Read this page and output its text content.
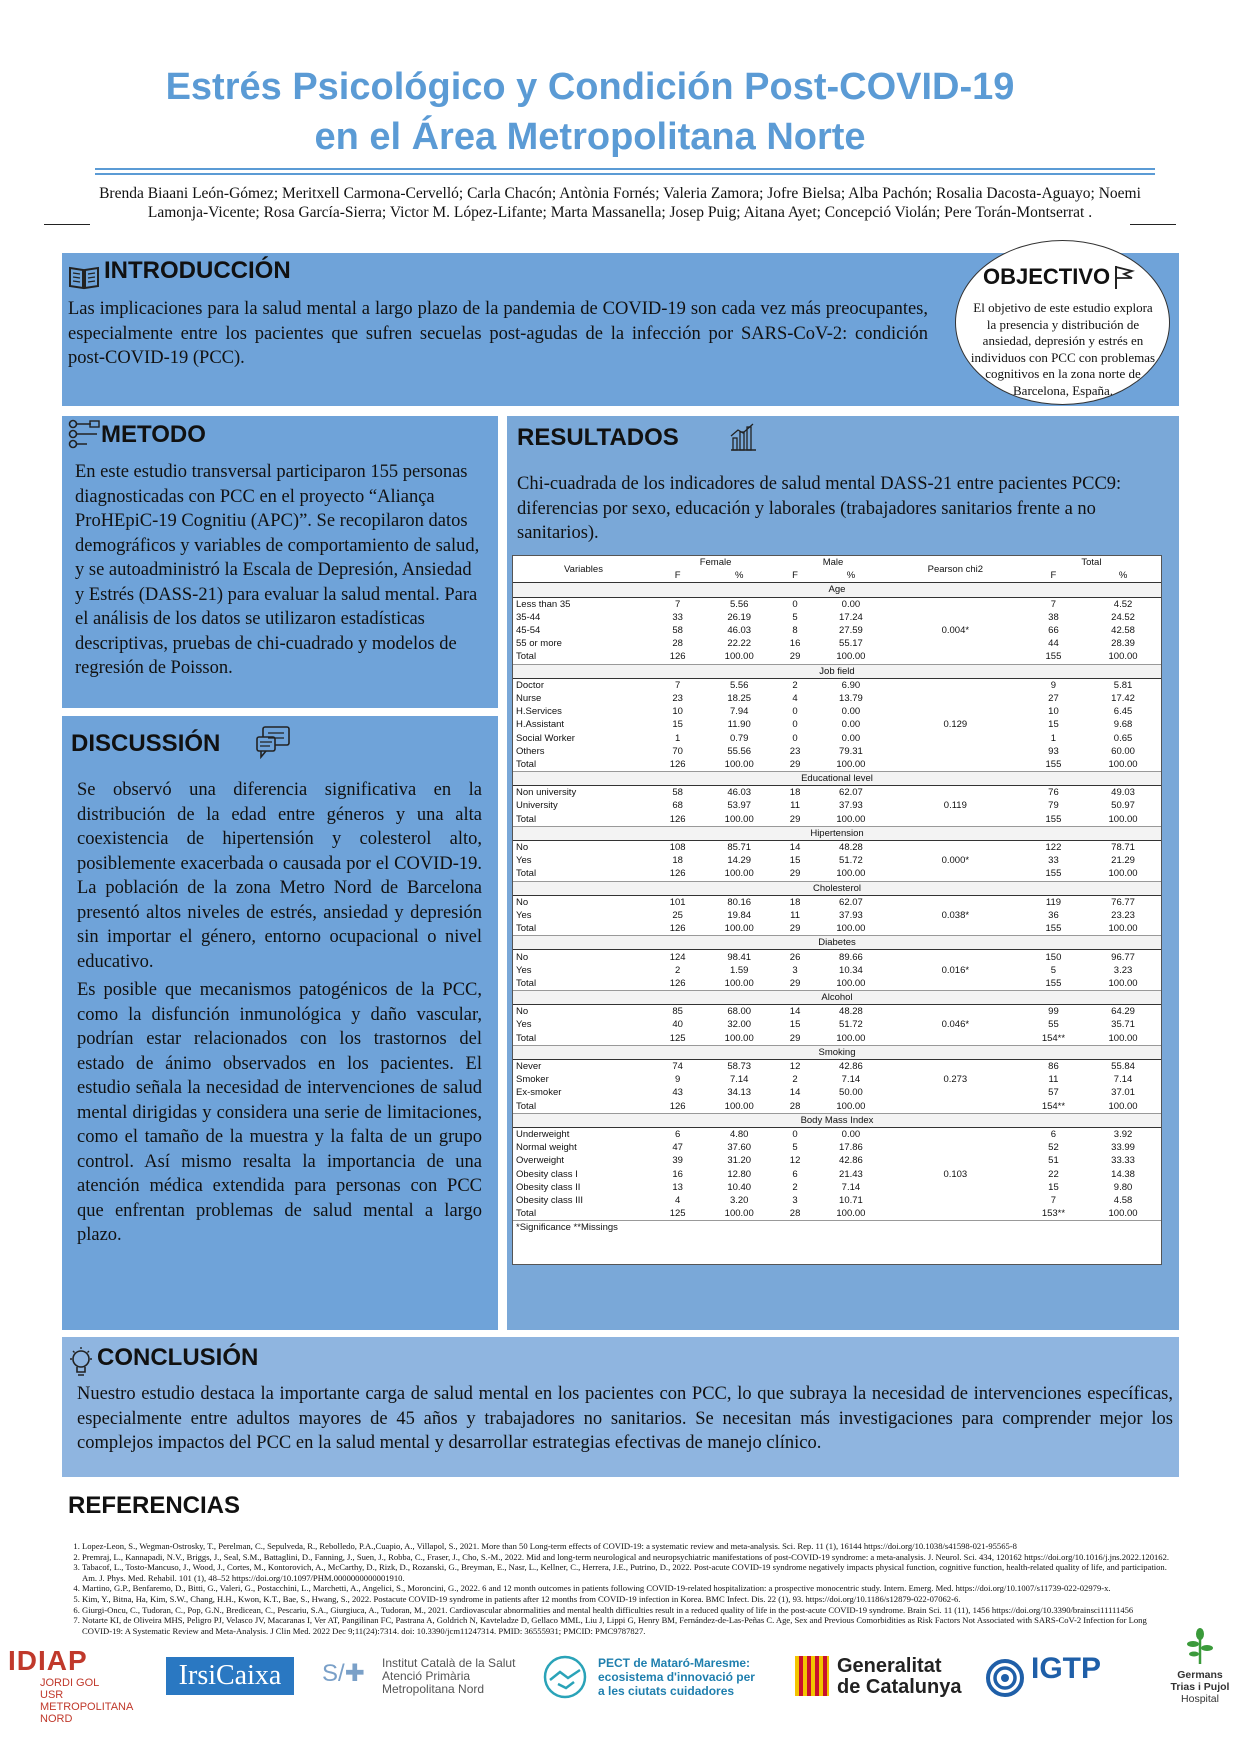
Estrés Psicológico y Condición Post-COVID-19
en el Área Metropolitana Norte
Brenda Biaani León-Gómez; Meritxell Carmona-Cervelló; Carla Chacón; Antònia Fornés; Valeria Zamora; Jofre Bielsa; Alba Pachón; Rosalia Dacosta-Aguayo; Noemi Lamonja-Vicente; Rosa García-Sierra; Victor M. López-Lifante; Marta Massanella; Josep Puig; Aitana Ayet; Concepció Violán; Pere Torán-Montserrat .
INTRODUCCIÓN
Las implicaciones para la salud mental a largo plazo de la pandemia de COVID-19 son cada vez más preocupantes, especialmente entre los pacientes que sufren secuelas post-agudas de la infección por SARS-CoV-2: condición post-COVID-19 (PCC).
OBJECTIVO
El objetivo de este estudio explora la presencia y distribución de ansiedad, depresión y estrés en individuos con PCC con problemas cognitivos en la zona norte de Barcelona, España.
METODO
En este estudio transversal participaron 155 personas diagnosticadas con PCC en el proyecto “Aliança ProHEpiC-19 Cognitiu (APC)”. Se recopilaron datos demográficos y variables de comportamiento de salud, y se autoadministró la Escala de Depresión, Ansiedad y Estrés (DASS-21) para evaluar la salud mental. Para el análisis de los datos se utilizaron estadísticas descriptivas, pruebas de chi-cuadrado y modelos de regresión de Poisson.
DISCUSSIÓN
Se observó una diferencia significativa en la distribución de la edad entre géneros y una alta coexistencia de hipertensión y colesterol alto, posiblemente exacerbada o causada por el COVID-19. La población de la zona Metro Nord de Barcelona presentó altos niveles de estrés, ansiedad y depresión sin importar el género, entorno ocupacional o nivel educativo.
Es posible que mecanismos patogénicos de la PCC, como la disfunción inmunológica y daño vascular, podrían estar relacionados con los trastornos del estado de ánimo observados en los pacientes. El estudio señala la necesidad de intervenciones de salud mental dirigidas y considera una serie de limitaciones, como el tamaño de la muestra y la falta de un grupo control. Así mismo resalta la importancia de una atención médica extendida para personas con PCC que enfrentan problemas de salud mental a largo plazo.
RESULTADOS
Chi-cuadrada de los indicadores de salud mental DASS-21 entre pacientes PCC9: diferencias por sexo, educación y laborales (trabajadores sanitarios frente a no sanitarios).
Variables	Female		Male		Pearson chi2	Total	
	F	%	F	%		F	%
Age							
Less than 35	7	5.56	0	0.00		7	4.52
35-44	33	26.19	5	17.24		38	24.52
45-54	58	46.03	8	27.59	0.004*	66	42.58
55 or more	28	22.22	16	55.17		44	28.39
Total	126	100.00	29	100.00		155	100.00
Job field							
Doctor	7	5.56	2	6.90		9	5.81
Nurse	23	18.25	4	13.79		27	17.42
H.Services	10	7.94	0	0.00		10	6.45
H.Assistant	15	11.90	0	0.00	0.129	15	9.68
Social Worker	1	0.79	0	0.00		1	0.65
Others	70	55.56	23	79.31		93	60.00
Total	126	100.00	29	100.00		155	100.00
Educational level							
Non university	58	46.03	18	62.07		76	49.03
University	68	53.97	11	37.93	0.119	79	50.97
Total	126	100.00	29	100.00		155	100.00
Hipertension							
No	108	85.71	14	48.28		122	78.71
Yes	18	14.29	15	51.72	0.000*	33	21.29
Total	126	100.00	29	100.00		155	100.00
Cholesterol							
No	101	80.16	18	62.07		119	76.77
Yes	25	19.84	11	37.93	0.038*	36	23.23
Total	126	100.00	29	100.00		155	100.00
Diabetes							
No	124	98.41	26	89.66		150	96.77
Yes	2	1.59	3	10.34	0.016*	5	3.23
Total	126	100.00	29	100.00		155	100.00
Alcohol							
No	85	68.00	14	48.28		99	64.29
Yes	40	32.00	15	51.72	0.046*	55	35.71
Total	125	100.00	29	100.00		154**	100.00
Smoking							
Never	74	58.73	12	42.86		86	55.84
Smoker	9	7.14	2	7.14	0.273	11	7.14
Ex-smoker	43	34.13	14	50.00		57	37.01
Total	126	100.00	28	100.00		154**	100.00
Body Mass Index							
Underweight	6	4.80	0	0.00		6	3.92
Normal weight	47	37.60	5	17.86		52	33.99
Overweight	39	31.20	12	42.86		51	33.33
Obesity class I	16	12.80	6	21.43	0.103	22	14.38
Obesity class II	13	10.40	2	7.14		15	9.80
Obesity class III	4	3.20	3	10.71		7	4.58
Total	125	100.00	28	100.00		153**	100.00
*Significance **Missings
CONCLUSIÓN
Nuestro estudio destaca la importante carga de salud mental en los pacientes con PCC, lo que subraya la necesidad de intervenciones específicas, especialmente entre adultos mayores de 45 años y trabajadores no sanitarios. Se necesitan más investigaciones para comprender mejor los complejos impactos del PCC en la salud mental y desarrollar estrategias efectivas de manejo clínico.
REFERENCIAS
1. Lopez-Leon, S., Wegman-Ostrosky, T., Perelman, C., Sepulveda, R., Rebolledo, P.A.,Cuapio, A., Villapol, S., 2021. More than 50 Long-term effects of COVID-19: a systematic review and meta-analysis. Sci. Rep. 11 (1), 16144 https://doi.org/10.1038/s41598-021-95565-8
2. Premraj, L., Kannapadi, N.V., Briggs, J., Seal, S.M., Battaglini, D., Fanning, J., Suen, J., Robba, C., Fraser, J., Cho, S.-M., 2022. Mid and long-term neurological and neuropsychiatric manifestations of post-COVID-19 syndrome: a meta-analysis. J. Neurol. Sci. 434, 120162 https://doi.org/10.1016/j.jns.2022.120162.
3. Tabacof, L., Tosto-Mancuso, J., Wood, J., Cortes, M., Kontorovich, A., McCarthy, D., Rizk, D., Rozanski, G., Breyman, E., Nasr, L., Kellner, C., Herrera, J.E., Putrino, D., 2022. Post-acute COVID-19 syndrome negatively impacts physical function, cognitive function, health-related quality of life, and participation. Am. J. Phys. Med. Rehabil. 101 (1), 48–52 https://doi.org/10.1097/PHM.0000000000001910.
4. Martino, G.P., Benfaremo, D., Bitti, G., Valeri, G., Postacchini, L., Marchetti, A., Angelici, S., Moroncini, G., 2022. 6 and 12 month outcomes in patients following COVID-19-related hospitalization: a prospective monocentric study. Intern. Emerg. Med. https://doi.org/10.1007/s11739-022-02979-x.
5. Kim, Y., Bitna, Ha, Kim, S.W., Chang, H.H., Kwon, K.T., Bae, S., Hwang, S., 2022. Postacute COVID-19 syndrome in patients after 12 months from COVID-19 infection in Korea. BMC Infect. Dis. 22 (1), 93. https://doi.org/10.1186/s12879-022-07062-6.
6. Giurgi-Oncu, C., Tudoran, C., Pop, G.N., Bredicean, C., Pescariu, S.A., Giurgiuca, A., Tudoran, M., 2021. Cardiovascular abnormalities and mental health difficulties result in a reduced quality of life in the post-acute COVID-19 syndrome. Brain Sci. 11 (11), 1456 https://doi.org/10.3390/brainsci11111456
7. Notarte KI, de Oliveira MHS, Peligro PJ, Velasco JV, Macaranas I, Ver AT, Pangilinan FC, Pastrana A, Goldrich N, Kavteladze D, Gellaco MML, Liu J, Lippi G, Henry BM, Fernández-de-Las-Peñas C. Age, Sex and Previous Comorbidities as Risk Factors Not Associated with SARS-CoV-2 Infection for Long COVID-19: A Systematic Review and Meta-Analysis. J Clin Med. 2022 Dec 9;11(24):7314. doi: 10.3390/jcm11247314. PMID: 36555931; PMCID: PMC9787827.
IDIAP
JORDI GOL
USR METROPOLITANA
NORD
IrsiCaixa	S/✚ Institut Català de la Salut
Atenció Primària
Metropolitana Nord
PECT de Mataró-Maresme:
ecosistema d'innovació per
a les ciutats cuidadores
Generalitat
de Catalunya
IGTP	Germans
Trias i Pujol
Hospital
